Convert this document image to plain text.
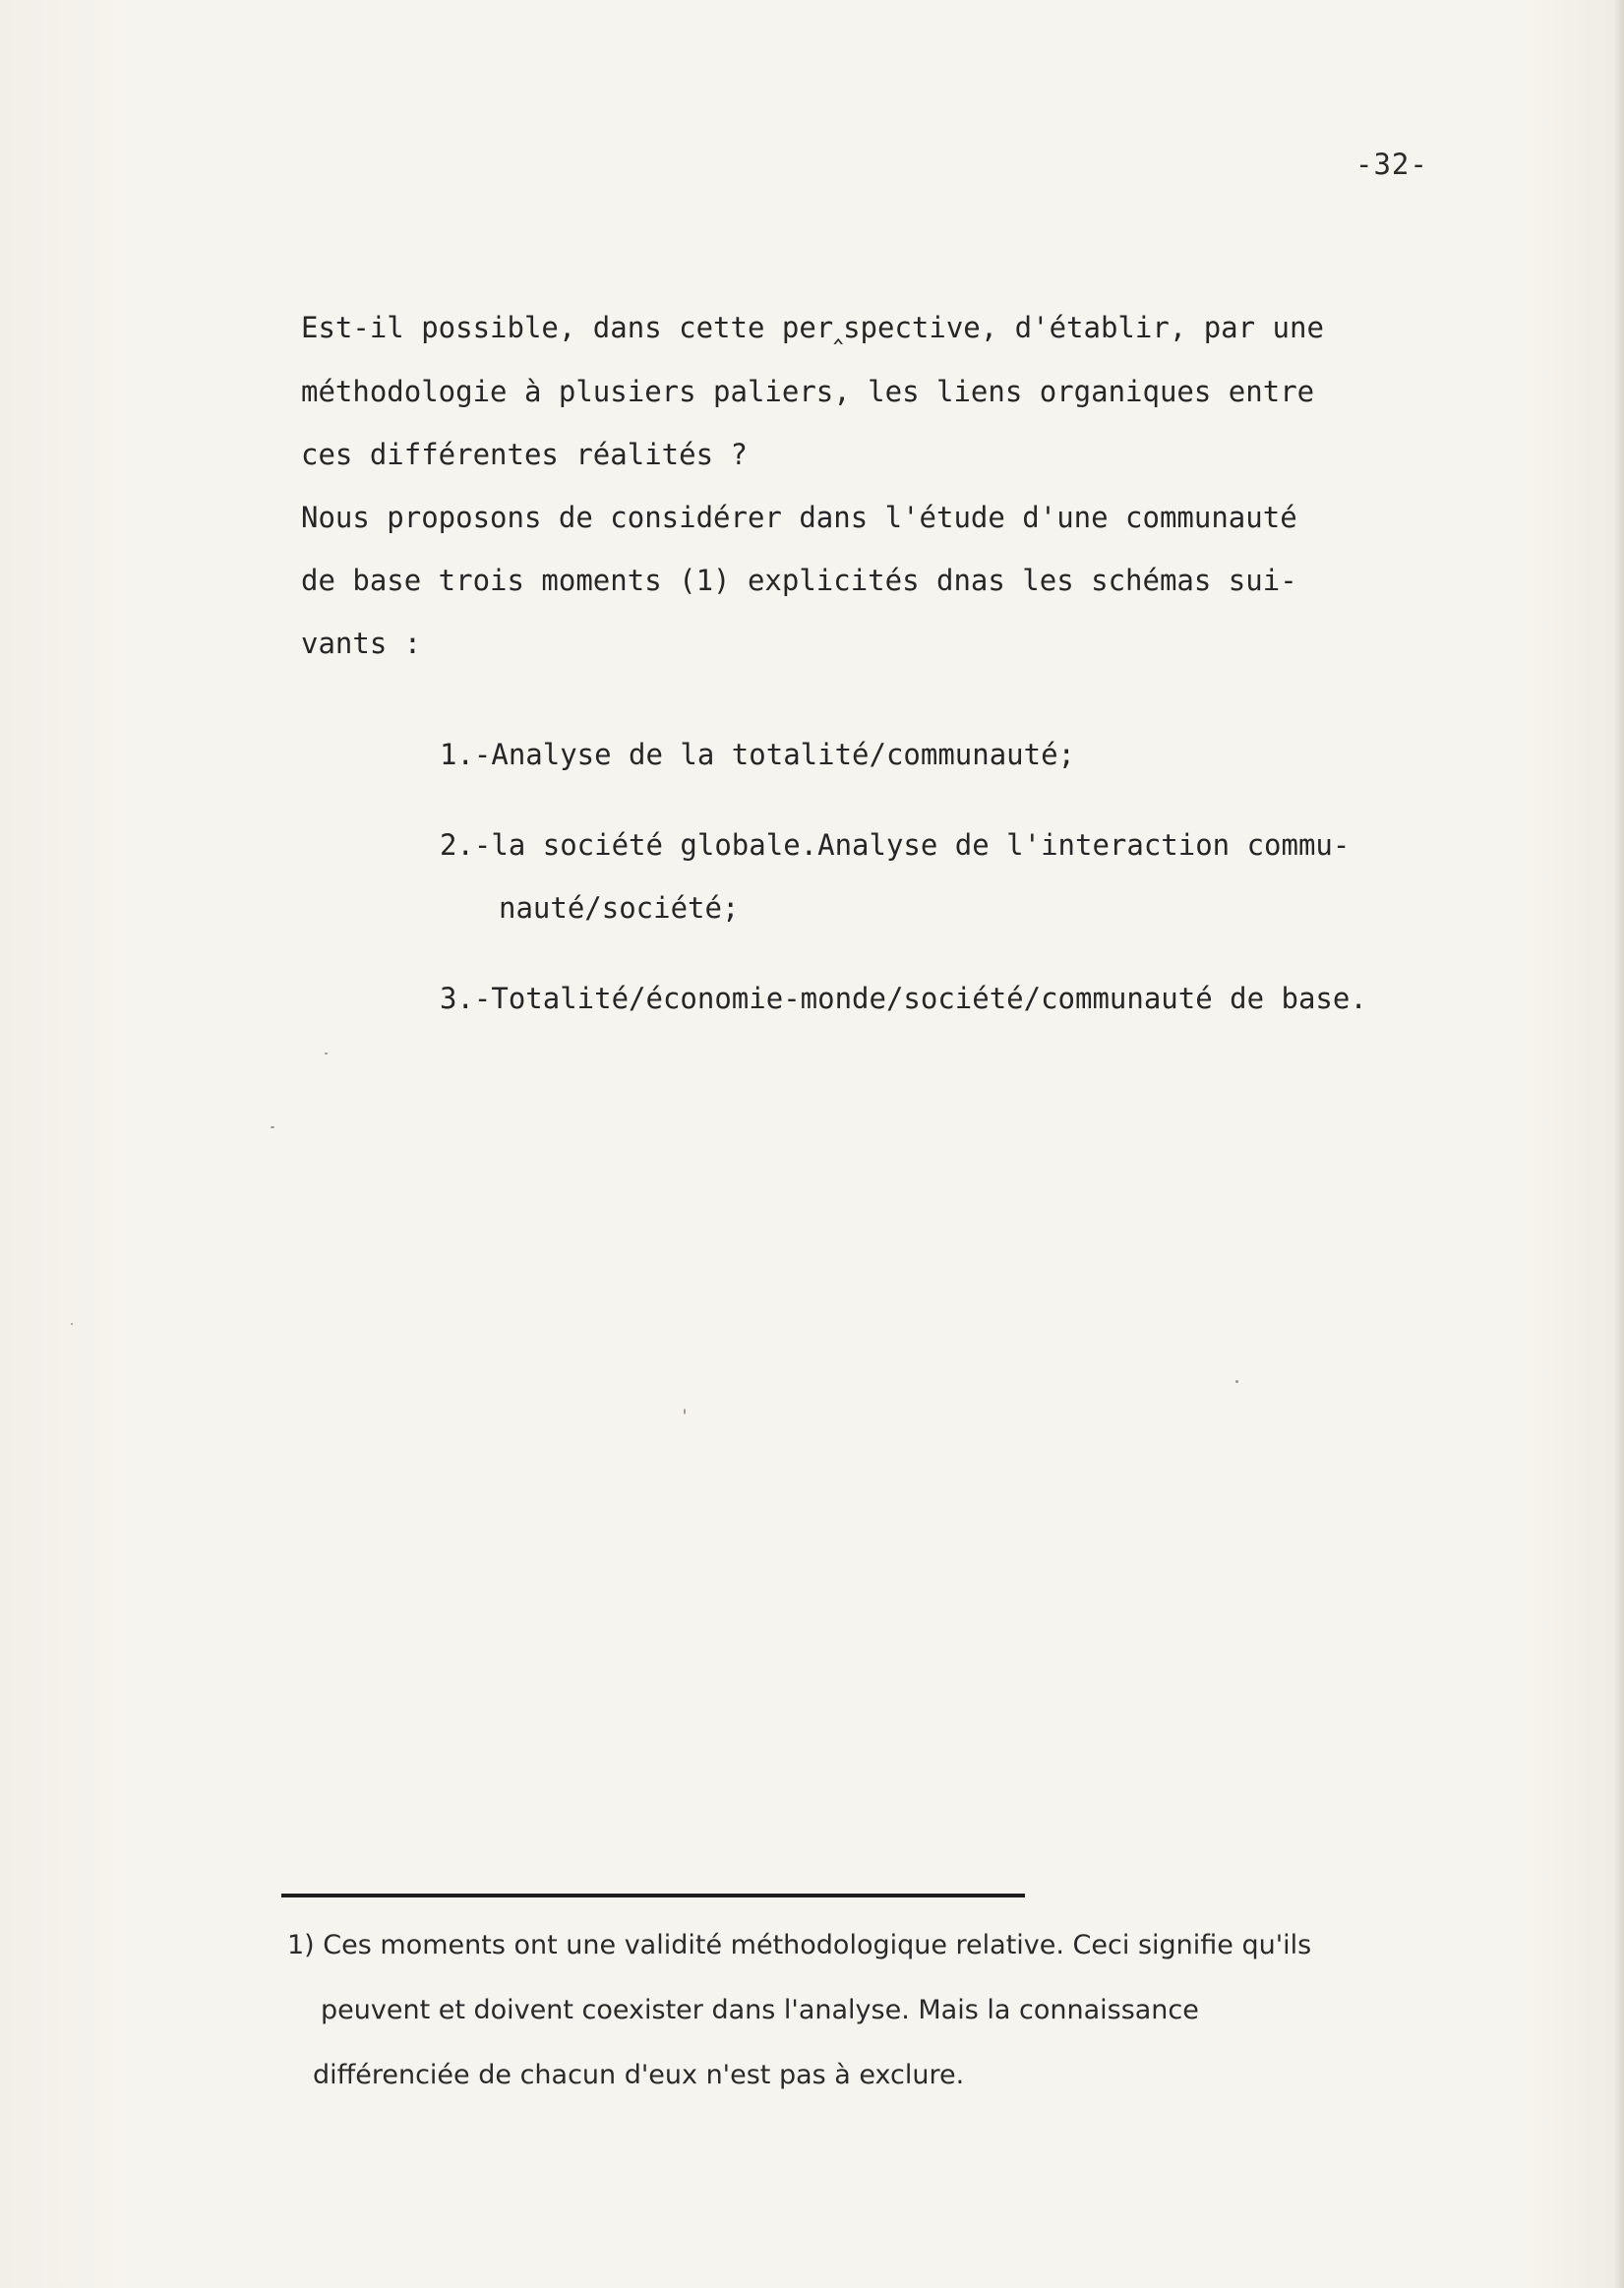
-32-
Est-il possible, dans cette per‸spective, d'établir, par une
méthodologie à plusiers paliers, les liens organiques entre
ces différentes réalités ?
Nous proposons de considérer dans l'étude d'une communauté
de base trois moments (1) explicités dnas les schémas sui-
vants :
1.-Analyse de la totalité/communauté;
2.-la société globale.Analyse de l'interaction commu-
nauté/société;
3.-Totalité/économie-monde/société/communauté de base.
1) Ces moments ont une validité méthodologique relative. Ceci signifie qu'ils
peuvent et doivent coexister dans l'analyse. Mais la connaissance
différenciée de chacun d'eux n'est pas à exclure.
